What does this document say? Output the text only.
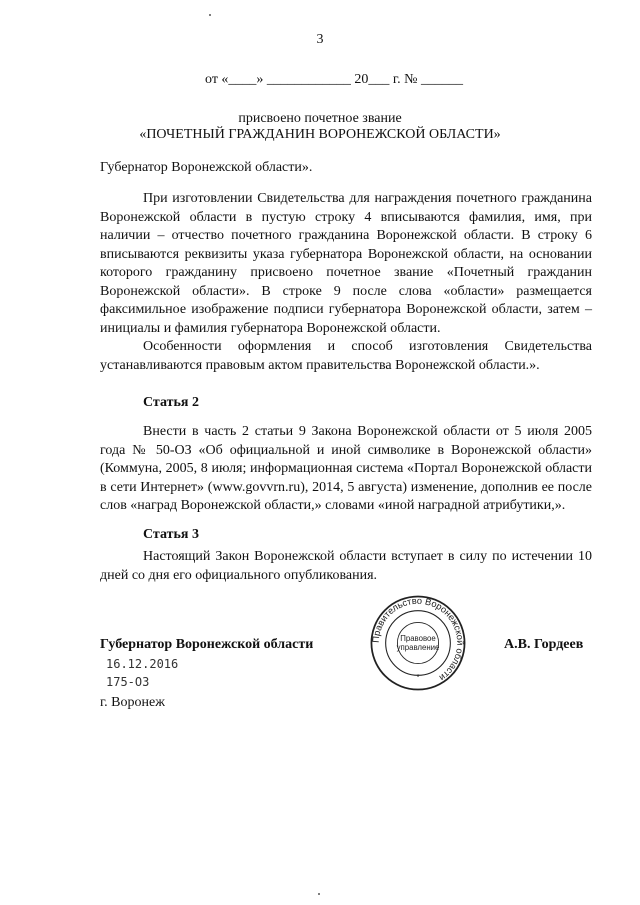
3
от «____» ____________ 20___ г. № ______
присвоено почетное звание
«ПОЧЕТНЫЙ ГРАЖДАНИН ВОРОНЕЖСКОЙ ОБЛАСТИ»
Губернатор Воронежской области».

При изготовлении Свидетельства для награждения почетного гражданина Воронежской области в пустую строку 4 вписываются фамилия, имя, при наличии – отчество почетного гражданина Воронежской области. В строку 6 вписываются реквизиты указа губернатора Воронежской области, на основании которого гражданину присвоено почетное звание «Почетный гражданин Воронежской области». В строке 9 после слова «области» размещается факсимильное изображение подписи губернатора Воронежской области, затем – инициалы и фамилия губернатора Воронежской области.

Особенности оформления и способ изготовления Свидетельства устанавливаются правовым актом правительства Воронежской области.».

Статья 2

Внести в часть 2 статьи 9 Закона Воронежской области от 5 июля 2005 года № 50-ОЗ «Об официальной и иной символике в Воронежской области» (Коммуна, 2005, 8 июля; информационная система «Портал Воронежской области в сети Интернет» (www.govvrn.ru), 2014, 5 августа) изменение, дополнив ее после слов «наград Воронежской области,» словами «иной наградной атрибутики,».

Статья 3

Настоящий Закон Воронежской области вступает в силу по истечении 10 дней со дня его официального опубликования.

Губернатор Воронежской области	А.В. Гордеев
16.12.2016
175-ОЗ
г. Воронеж
Правительство Воронежской области
Правовое
управление
*
